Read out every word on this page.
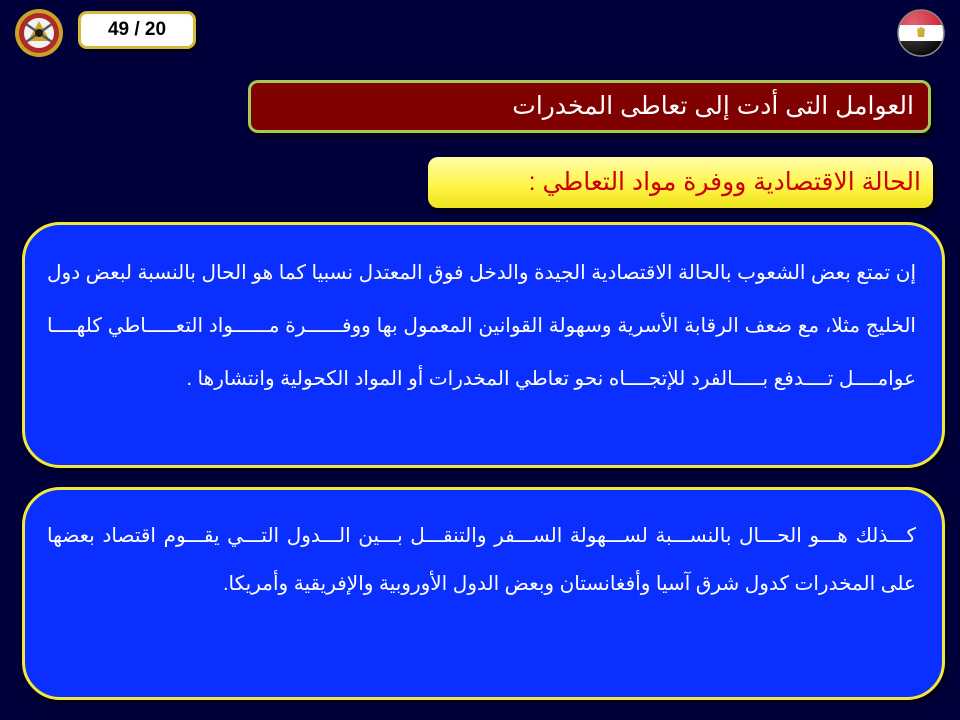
49 / 20
العوامل التى أدت إلى تعاطى المخدرات
الحالة الاقتصادية ووفرة مواد التعاطي :
إن تمتع بعض الشعوب بالحالة الاقتصادية الجيدة والدخل فوق المعتدل نسبيا كما هو الحال بالنسبة لبعض دول الخليج مثلا، مع ضعف الرقابة الأسرية وسهولة القوانين المعمول بها ووفــــــرة مــــــواد التعـــــاطي كلهــــا عوامــــل تــــدفع بـــــالفرد للإتجــــاه نحو تعاطي المخدرات أو المواد الكحولية وانتشارها .
كـــذلك هـــو الحـــال بالنســـبة لســـهولة الســـفر والتنقـــل بـــين الـــدول التـــي يقـــوم اقتصاد بعضها على المخدرات كدول شرق آسيا وأفغانستان وبعض الدول الأوروبية والإفريقية وأمريكا.
